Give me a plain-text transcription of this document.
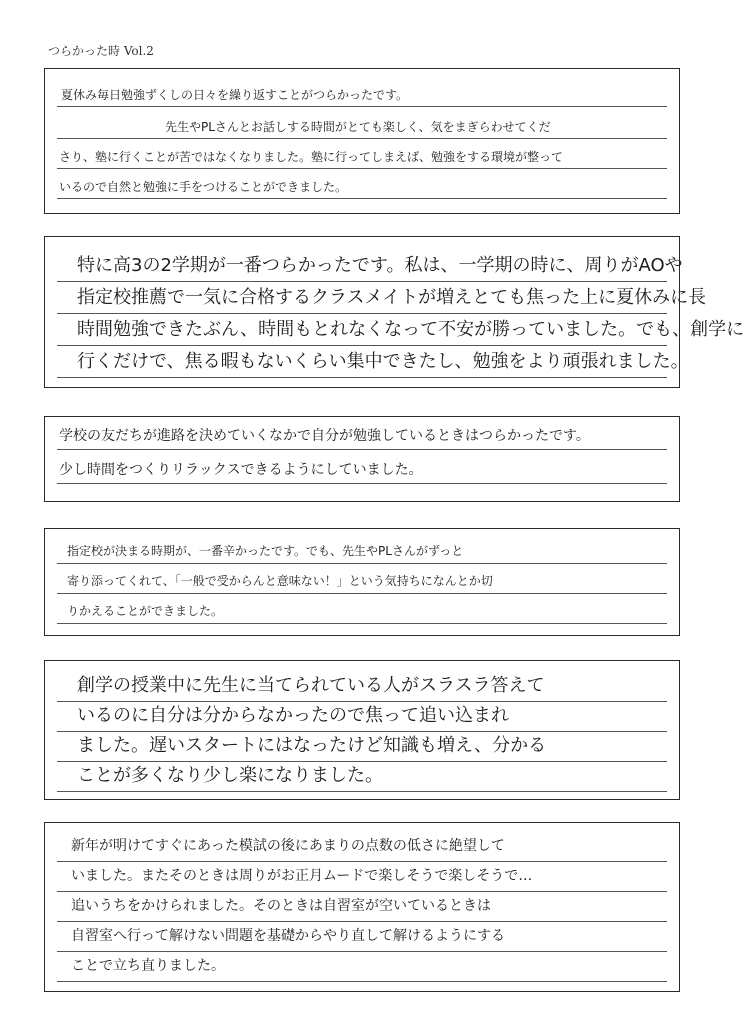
つらかった時 Vol.2
夏休み毎日勉強ずくしの日々を繰り返すことがつらかったです。
先生やPLさんとお話しする時間がとても楽しく、気をまぎらわせてくだ
さり、塾に行くことが苦ではなくなりました。塾に行ってしまえば、勉強をする環境が整って
いるので自然と勉強に手をつけることができました。
特に高3の2学期が一番つらかったです。私は、一学期の時に、周りがAOや
指定校推薦で一気に合格するクラスメイトが増えとても焦った上に夏休みに長
時間勉強できたぶん、時間もとれなくなって不安が勝っていました。でも、創学に
行くだけで、焦る暇もないくらい集中できたし、勉強をより頑張れました。
学校の友だちが進路を決めていくなかで自分が勉強しているときはつらかったです。
少し時間をつくりリラックスできるようにしていました。
指定校が決まる時期が、一番辛かったです。でも、先生やPLさんがずっと
寄り添ってくれて、「一般で受からんと意味ない！」という気持ちになんとか切
りかえることができました。
創学の授業中に先生に当てられている人がスラスラ答えて
いるのに自分は分からなかったので焦って追い込まれ
ました。遅いスタートにはなったけど知識も増え、分かる
ことが多くなり少し楽になりました。
新年が明けてすぐにあった模試の後にあまりの点数の低さに絶望して
いました。またそのときは周りがお正月ムードで楽しそうで楽しそうで…
追いうちをかけられました。そのときは自習室が空いているときは
自習室へ行って解けない問題を基礎からやり直して解けるようにする
ことで立ち直りました。
